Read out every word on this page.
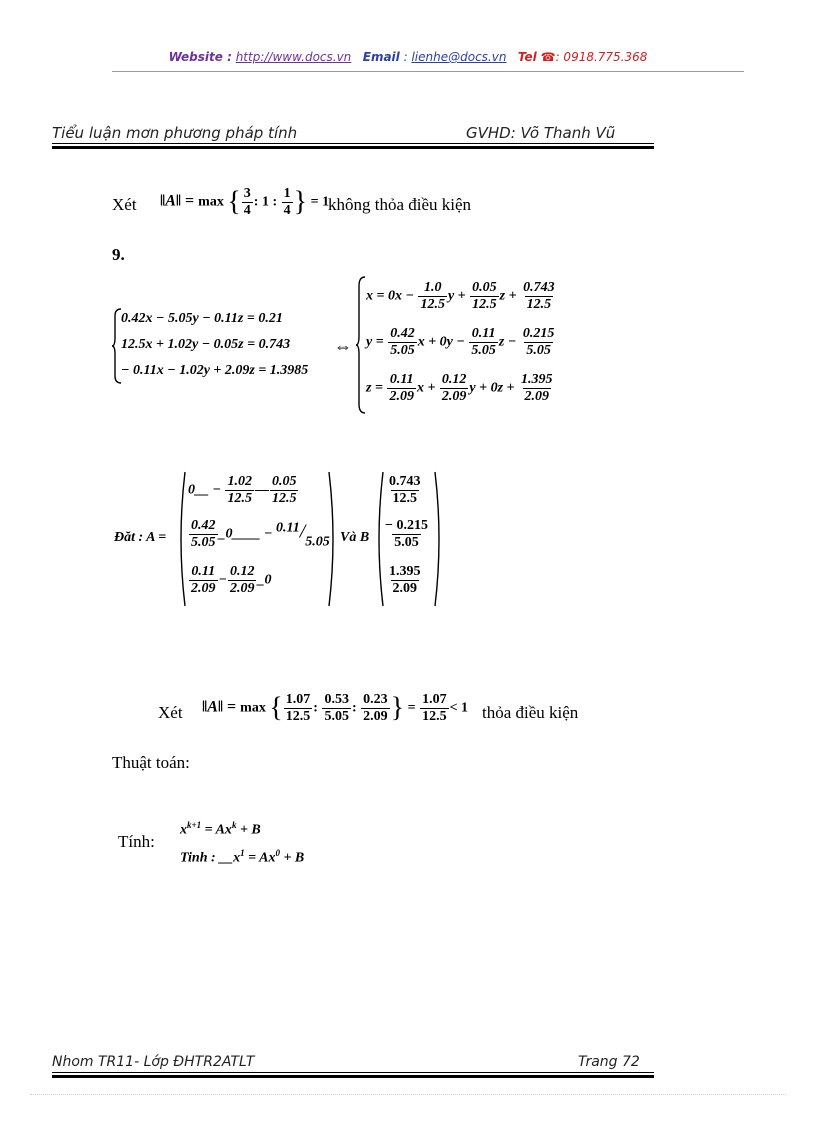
Website : http://www.docs.vn Email : lienhe@docs.vn Tel ☎: 0918.775.368
Tiểu luận mơn phương pháp tính	GVHD: Võ Thanh Vũ
Xét ‖A‖ = max { $\frac{3}{4}$ : 1 : $\frac{1}{4}$ } = 1
không thỏa điều kiện
9.
0.42x − 5.05y − 0.11z = 0.21
12.5x + 1.02y − 0.05z = 0.743
− 0.11x − 1.02y + 2.09z = 1.3985
⇔
$x = 0x - \frac{1.0}{12.5}$ $y + \frac{0.05}{12.5}$ $z + \frac{0.743}{12.5}$
$y = \frac{0.42}{5.05}$ $x + 0y - \frac{0.11}{5.05}$ $z - \frac{0.215}{5.05}$
$z = \frac{0.11}{2.09}$ $x + \frac{0.12}{2.09}$ $y + 0z + \frac{1.395}{2.09}$
Đăt : A =
0__ − $\frac{1.02}{12.5}$ — $\frac{0.05}{12.5}$
$\frac{0.42}{5.05}$ _0____ − 0.11/5.05
$\frac{0.11}{2.09} - \frac{0.12}{2.09}$ _0
Và B
$\frac{0.743}{12.5}$
$\frac{- 0.215}{5.05}$
$\frac{1.395}{2.09}$
Xét ‖A‖ = max { $\frac{1.07}{12.5}$ : $\frac{0.53}{5.05}$ : $\frac{0.23}{2.09}$ } = $\frac{1.07}{12.5} < 1$ thỏa điều kiện
Thuật toán:
Tính:
$x^{k+1} = Ax^k + B$
Tinh : $\_\_x^1 = Ax^0 + B$
Nhom TR11- Lớp ĐHTR2ATLT	Trang 72
